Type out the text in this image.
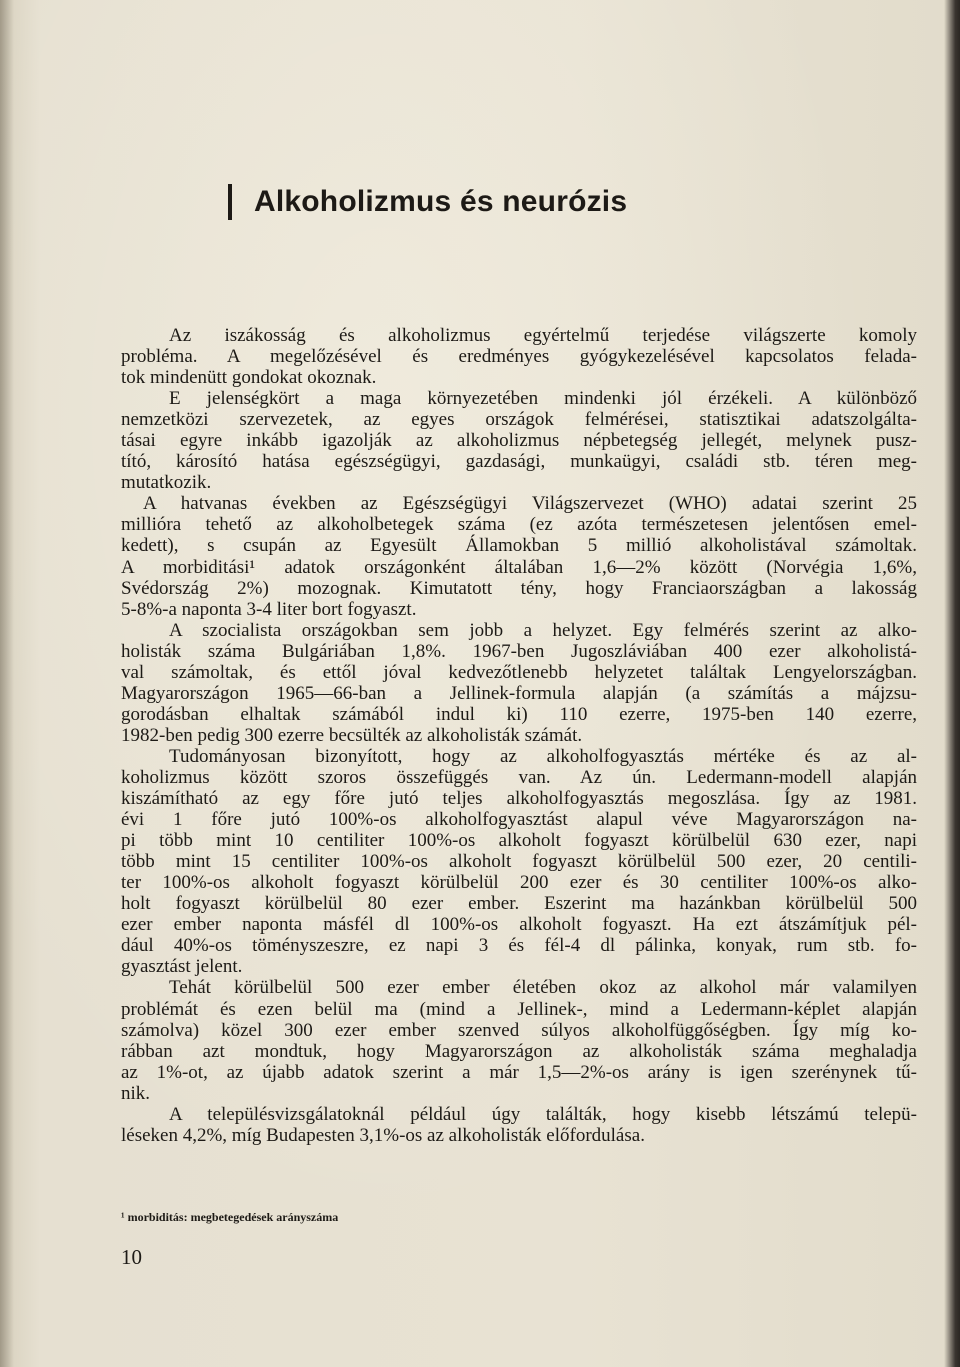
Alkoholizmus és neurózis
Az iszákosság és alkoholizmus egyértelmű terjedése világszerte komoly
probléma. A megelőzésével és eredményes gyógykezelésével kapcsolatos felada-
tok mindenütt gondokat okoznak.
E jelenségkört a maga környezetében mindenki jól érzékeli. A különböző
nemzetközi szervezetek, az egyes országok felmérései, statisztikai adatszolgálta-
tásai egyre inkább igazolják az alkoholizmus népbetegség jellegét, melynek pusz-
tító, károsító hatása egészségügyi, gazdasági, munkaügyi, családi stb. téren meg-
mutatkozik.
A hatvanas években az Egészségügyi Világszervezet (WHO) adatai szerint 25
millióra tehető az alkoholbetegek száma (ez azóta természetesen jelentősen emel-
kedett), s csupán az Egyesült Államokban 5 millió alkoholistával számoltak.
A morbiditási¹ adatok országonként általában 1,6—2% között (Norvégia 1,6%,
Svédország 2%) mozognak. Kimutatott tény, hogy Franciaországban a lakosság
5-8%-a naponta 3-4 liter bort fogyaszt.
A szocialista országokban sem jobb a helyzet. Egy felmérés szerint az alko-
holisták száma Bulgáriában 1,8%. 1967-ben Jugoszláviában 400 ezer alkoholistá-
val számoltak, és ettől jóval kedvezőtlenebb helyzetet találtak Lengyelországban.
Magyarországon 1965—66-ban a Jellinek-formula alapján (a számítás a májzsu-
gorodásban elhaltak számából indul ki) 110 ezerre, 1975-ben 140 ezerre,
1982-ben pedig 300 ezerre becsülték az alkoholisták számát.
Tudományosan bizonyított, hogy az alkoholfogyasztás mértéke és az al-
koholizmus között szoros összefüggés van. Az ún. Ledermann-modell alapján
kiszámítható az egy főre jutó teljes alkoholfogyasztás megoszlása. Így az 1981.
évi 1 főre jutó 100%-os alkoholfogyasztást alapul véve Magyarországon na-
pi több mint 10 centiliter 100%-os alkoholt fogyaszt körülbelül 630 ezer, napi
több mint 15 centiliter 100%-os alkoholt fogyaszt körülbelül 500 ezer, 20 centili-
ter 100%-os alkoholt fogyaszt körülbelül 200 ezer és 30 centiliter 100%-os alko-
holt fogyaszt körülbelül 80 ezer ember. Eszerint ma hazánkban körülbelül 500
ezer ember naponta másfél dl 100%-os alkoholt fogyaszt. Ha ezt átszámítjuk pél-
dául 40%-os töményszeszre, ez napi 3 és fél-4 dl pálinka, konyak, rum stb. fo-
gyasztást jelent.
Tehát körülbelül 500 ezer ember életében okoz az alkohol már valamilyen
problémát és ezen belül ma (mind a Jellinek-, mind a Ledermann-képlet alapján
számolva) közel 300 ezer ember szenved súlyos alkoholfüggőségben. Így míg ko-
rábban azt mondtuk, hogy Magyarországon az alkoholisták száma meghaladja
az 1%-ot, az újabb adatok szerint a már 1,5—2%-os arány is igen szerénynek tű-
nik.
A településvizsgálatoknál például úgy találták, hogy kisebb létszámú telepü-
léseken 4,2%, míg Budapesten 3,1%-os az alkoholisták előfordulása.
¹ morbiditás: megbetegedések arányszáma
10
